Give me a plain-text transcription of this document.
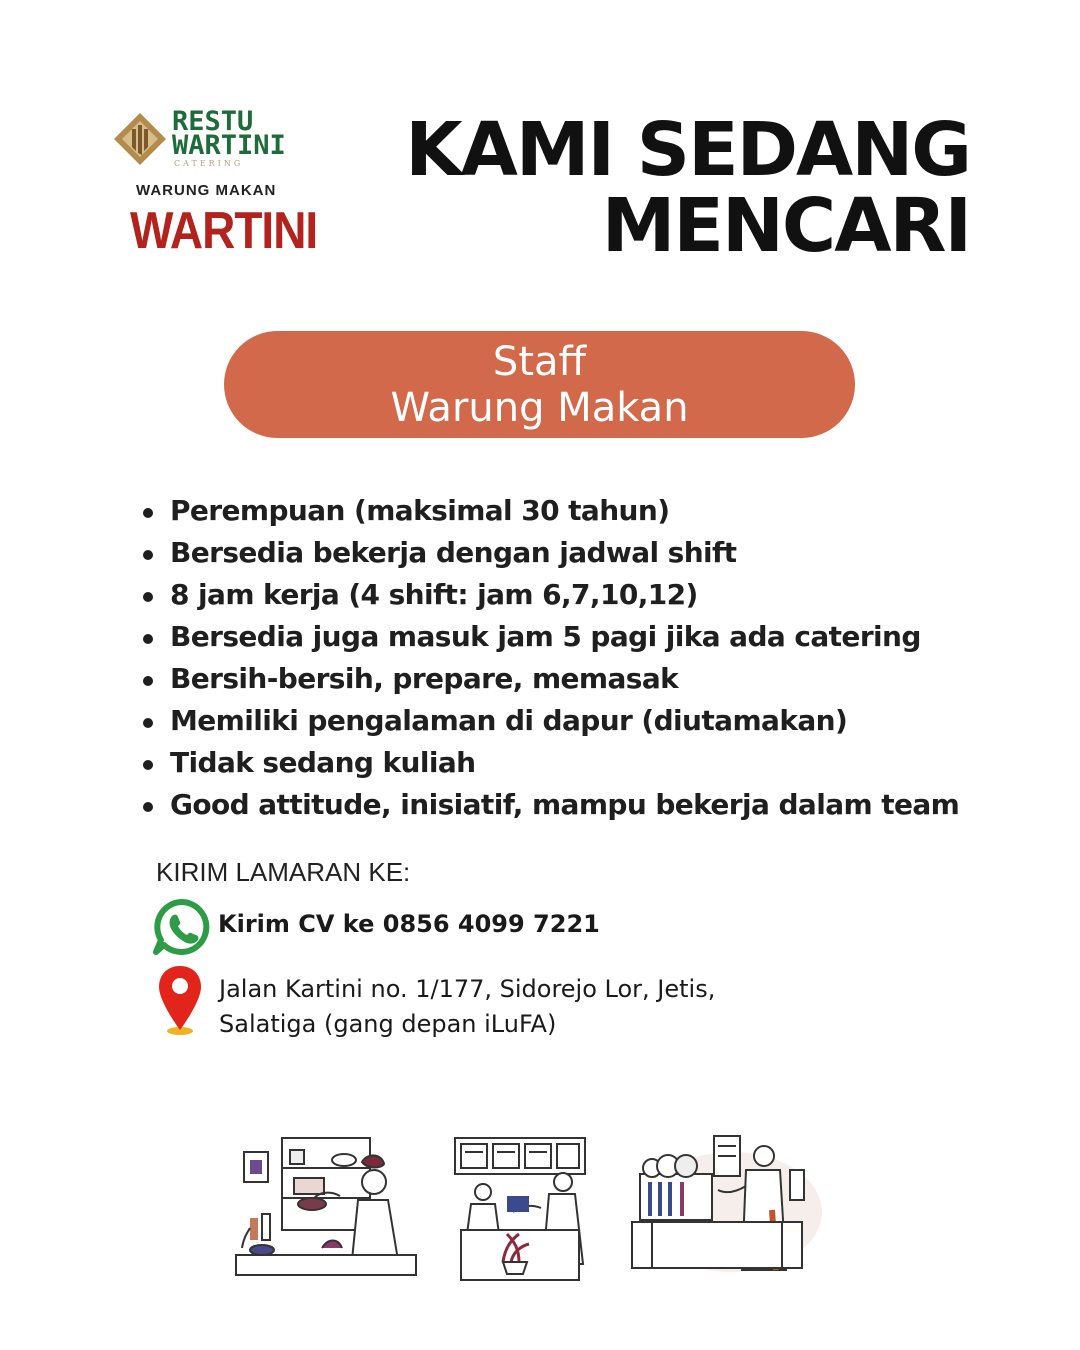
RESTU
WARTINI
CATERING
WARUNG MAKAN
WARTINI
KAMI SEDANG
MENCARI
Staff
Warung Makan
Perempuan (maksimal 30 tahun)
Bersedia bekerja dengan jadwal shift
8 jam kerja (4 shift: jam 6,7,10,12)
Bersedia juga masuk jam 5 pagi jika ada catering
Bersih-bersih, prepare, memasak
Memiliki pengalaman di dapur (diutamakan)
Tidak sedang kuliah
Good attitude, inisiatif, mampu bekerja dalam team
KIRIM LAMARAN KE:
Kirim CV ke 0856 4099 7221
Jalan Kartini no. 1/177, Sidorejo Lor, Jetis,
Salatiga (gang depan iLuFA)
